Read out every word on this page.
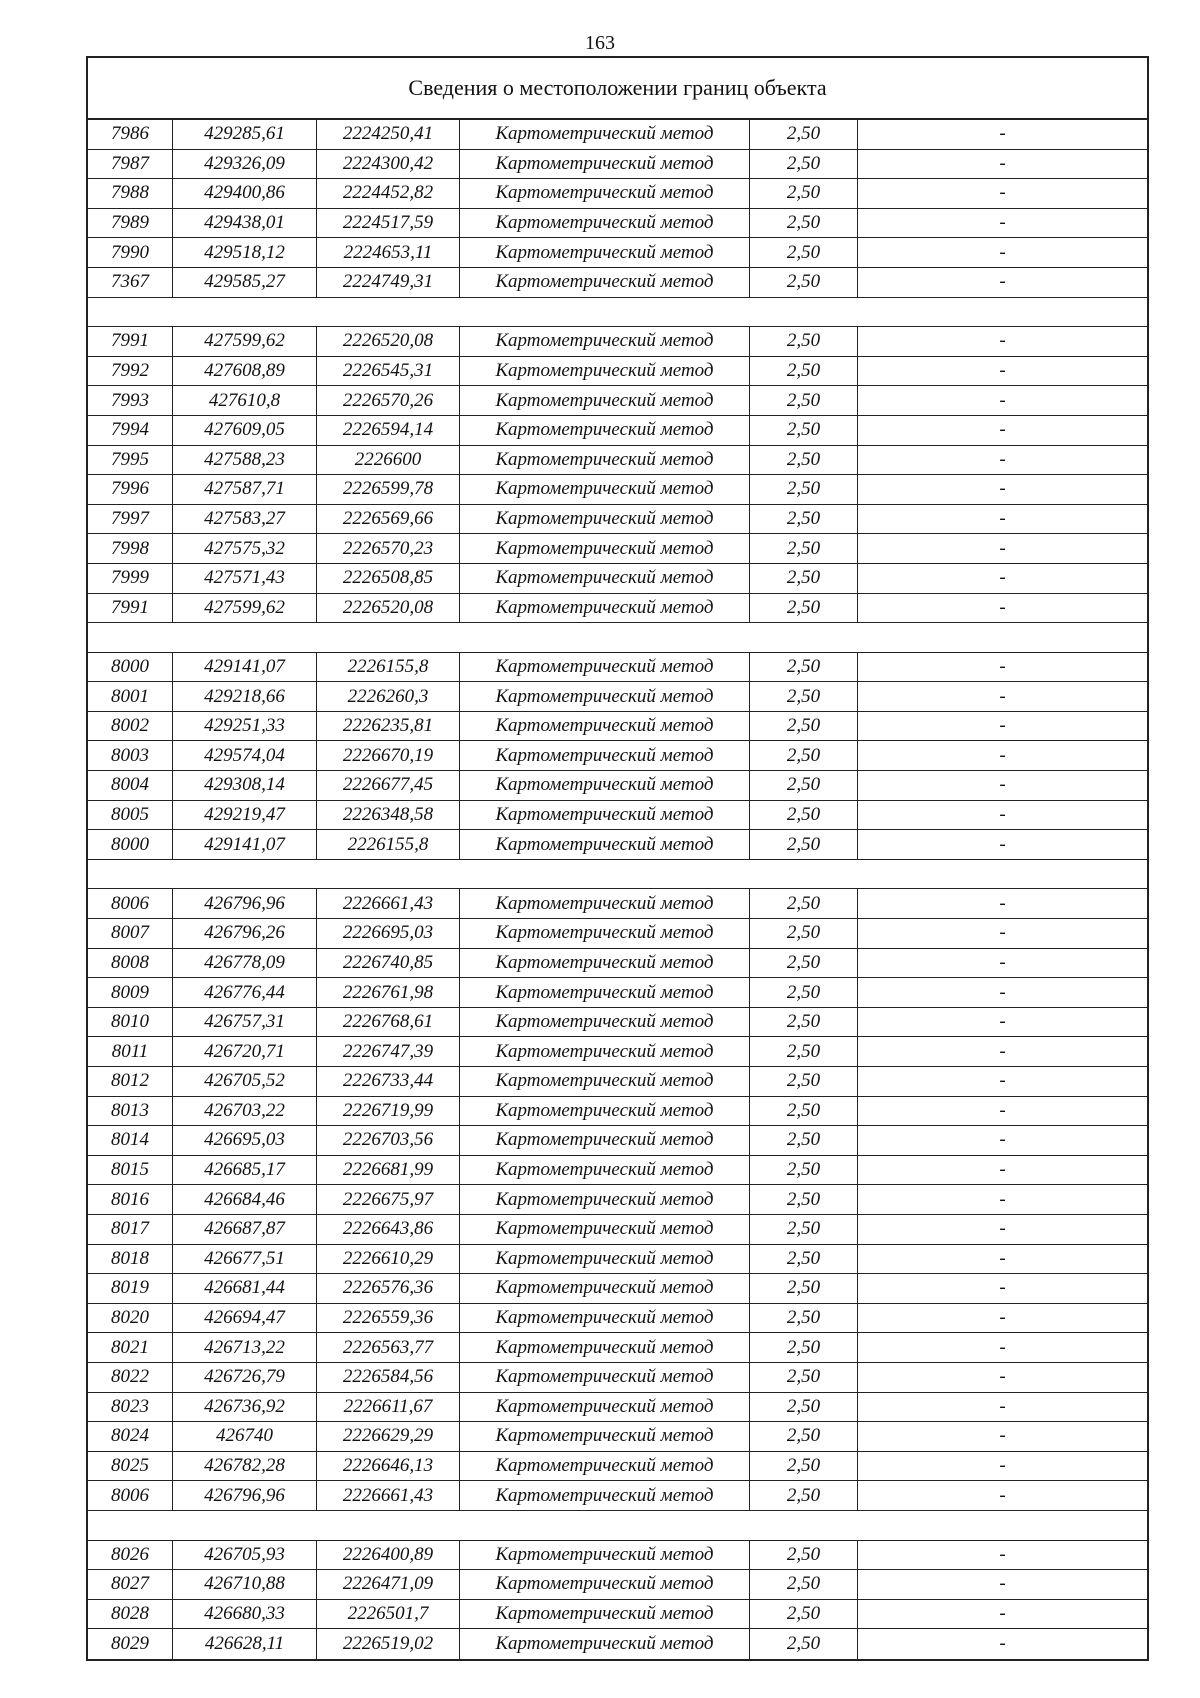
163
Сведения о местоположении границ объекта
7986	429285,61	2224250,41	Картометрический метод	2,50	-
7987	429326,09	2224300,42	Картометрический метод	2,50	-
7988	429400,86	2224452,82	Картометрический метод	2,50	-
7989	429438,01	2224517,59	Картометрический метод	2,50	-
7990	429518,12	2224653,11	Картометрический метод	2,50	-
7367	429585,27	2224749,31	Картометрический метод	2,50	-
7991	427599,62	2226520,08	Картометрический метод	2,50	-
7992	427608,89	2226545,31	Картометрический метод	2,50	-
7993	427610,8	2226570,26	Картометрический метод	2,50	-
7994	427609,05	2226594,14	Картометрический метод	2,50	-
7995	427588,23	2226600	Картометрический метод	2,50	-
7996	427587,71	2226599,78	Картометрический метод	2,50	-
7997	427583,27	2226569,66	Картометрический метод	2,50	-
7998	427575,32	2226570,23	Картометрический метод	2,50	-
7999	427571,43	2226508,85	Картометрический метод	2,50	-
7991	427599,62	2226520,08	Картометрический метод	2,50	-
8000	429141,07	2226155,8	Картометрический метод	2,50	-
8001	429218,66	2226260,3	Картометрический метод	2,50	-
8002	429251,33	2226235,81	Картометрический метод	2,50	-
8003	429574,04	2226670,19	Картометрический метод	2,50	-
8004	429308,14	2226677,45	Картометрический метод	2,50	-
8005	429219,47	2226348,58	Картометрический метод	2,50	-
8000	429141,07	2226155,8	Картометрический метод	2,50	-
8006	426796,96	2226661,43	Картометрический метод	2,50	-
8007	426796,26	2226695,03	Картометрический метод	2,50	-
8008	426778,09	2226740,85	Картометрический метод	2,50	-
8009	426776,44	2226761,98	Картометрический метод	2,50	-
8010	426757,31	2226768,61	Картометрический метод	2,50	-
8011	426720,71	2226747,39	Картометрический метод	2,50	-
8012	426705,52	2226733,44	Картометрический метод	2,50	-
8013	426703,22	2226719,99	Картометрический метод	2,50	-
8014	426695,03	2226703,56	Картометрический метод	2,50	-
8015	426685,17	2226681,99	Картометрический метод	2,50	-
8016	426684,46	2226675,97	Картометрический метод	2,50	-
8017	426687,87	2226643,86	Картометрический метод	2,50	-
8018	426677,51	2226610,29	Картометрический метод	2,50	-
8019	426681,44	2226576,36	Картометрический метод	2,50	-
8020	426694,47	2226559,36	Картометрический метод	2,50	-
8021	426713,22	2226563,77	Картометрический метод	2,50	-
8022	426726,79	2226584,56	Картометрический метод	2,50	-
8023	426736,92	2226611,67	Картометрический метод	2,50	-
8024	426740	2226629,29	Картометрический метод	2,50	-
8025	426782,28	2226646,13	Картометрический метод	2,50	-
8006	426796,96	2226661,43	Картометрический метод	2,50	-
8026	426705,93	2226400,89	Картометрический метод	2,50	-
8027	426710,88	2226471,09	Картометрический метод	2,50	-
8028	426680,33	2226501,7	Картометрический метод	2,50	-
8029	426628,11	2226519,02	Картометрический метод	2,50	-
